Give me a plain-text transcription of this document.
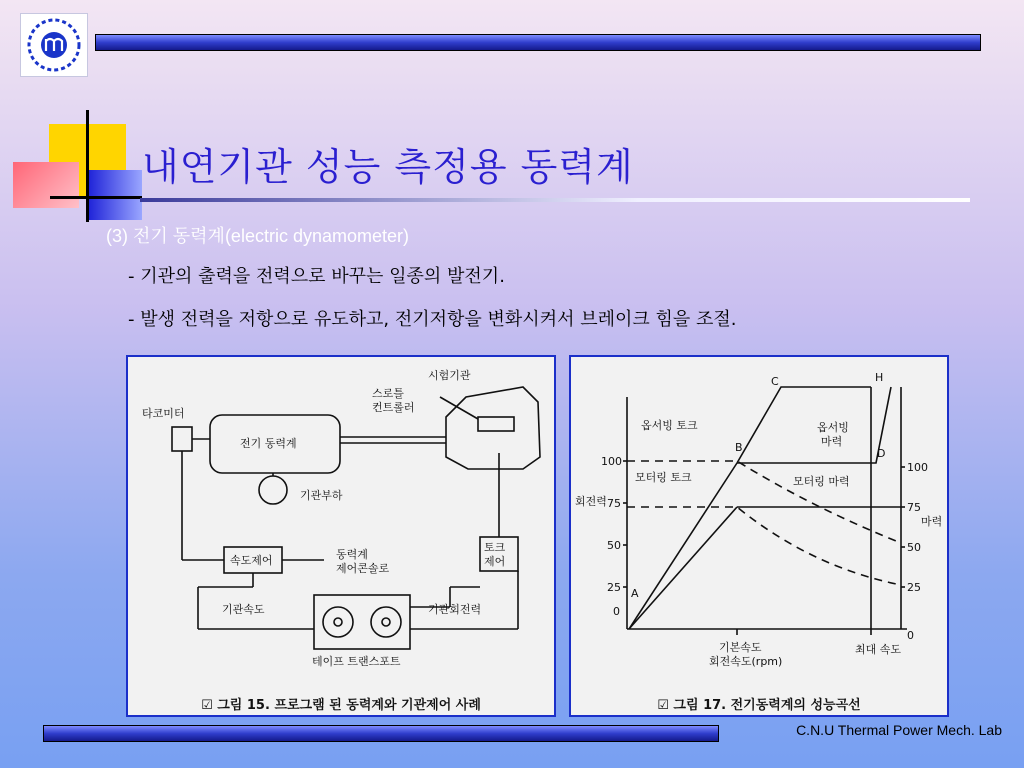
내연기관 성능 측정용 동력계
(3) 전기 동력계(electric dynamometer)
- 기관의 출력을 전력으로 바꾸는 일종의 발전기.
- 발생 전력을 저항으로 유도하고, 전기저항을 변화시켜서 브레이크 힘을 조절.
시험기관
스로틀
컨트롤러
타코미터
전기 동력계
기관부하
토크
제어
속도제어	동력계
제어콘솔로
기관속도	기관회전력
테이프 트랜스포트
☑ 그림 15. 프로그램 된 동력계와 기관제어 사례
회전력
마력
100
75
50
25
0
100
75
50
25
0
A
B
C
D
H
옵서빙 토크
모터링 토크
옵서빙
마력
모터링 마력
기본속도
회전속도(rpm)
최대 속도
☑ 그림 17. 전기동력계의 성능곡선
C.N.U Thermal Power Mech. Lab
